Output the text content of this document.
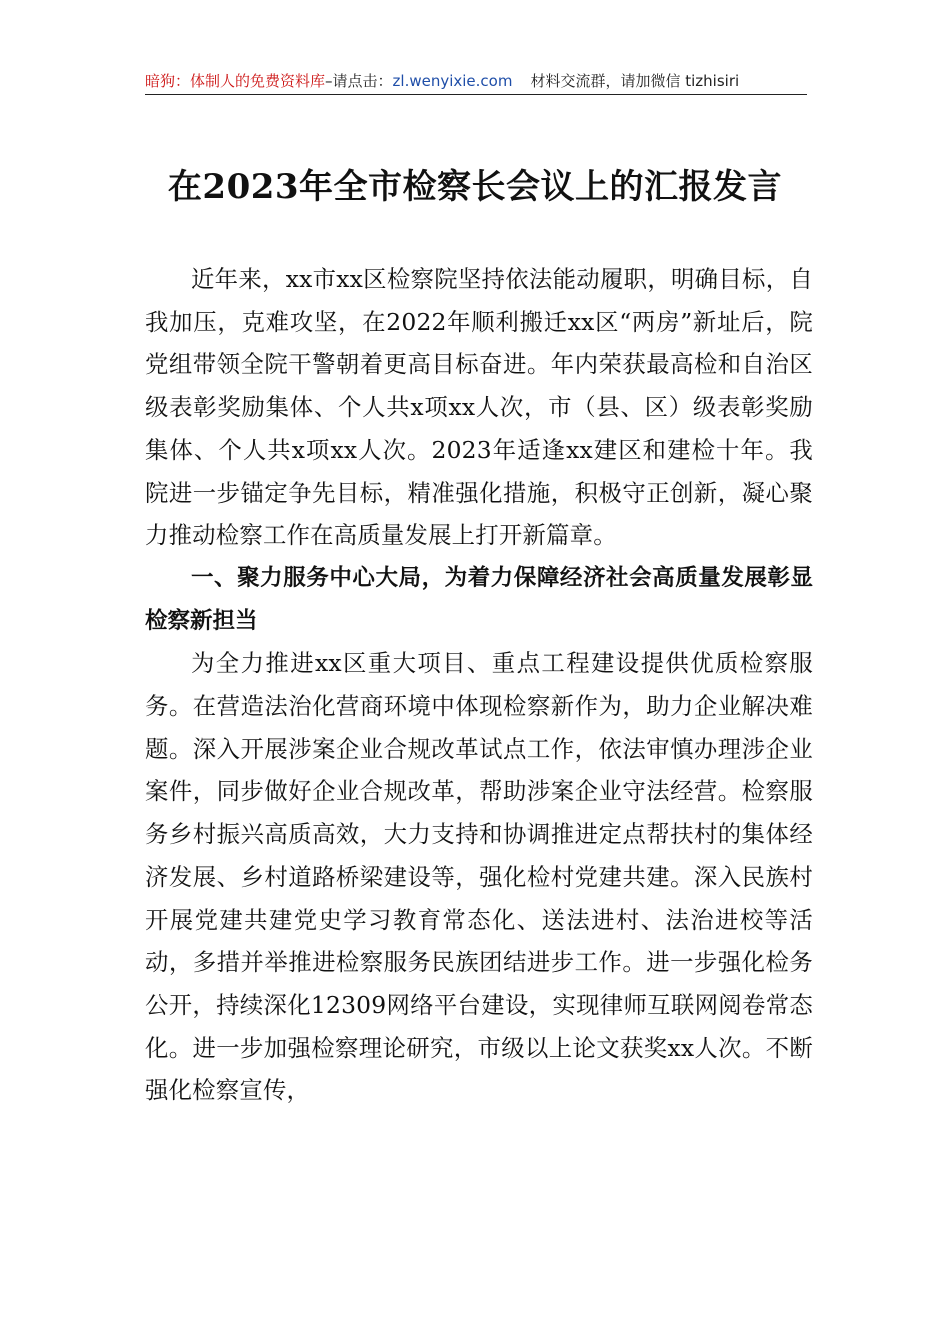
暗狗：体制人的免费资料库–请点击：zl.wenyixie.com 材料交流群，请加微信 tizhisiri
在2023年全市检察长会议上的汇报发言

近年来，xx市xx区检察院坚持依法能动履职，明确目标，自我加压，克难攻坚，在2022年顺利搬迁xx区“两房”新址后，院党组带领全院干警朝着更高目标奋进。年内荣获最高检和自治区级表彰奖励集体、个人共x项xx人次，市（县、区）级表彰奖励集体、个人共x项xx人次。2023年适逢xx建区和建检十年。我院进一步锚定争先目标，精准强化措施，积极守正创新，凝心聚力推动检察工作在高质量发展上打开新篇章。

一、聚力服务中心大局，为着力保障经济社会高质量发展彰显检察新担当

为全力推进xx区重大项目、重点工程建设提供优质检察服务。在营造法治化营商环境中体现检察新作为，助力企业解决难题。深入开展涉案企业合规改革试点工作，依法审慎办理涉企业案件，同步做好企业合规改革，帮助涉案企业守法经营。检察服务乡村振兴高质高效，大力支持和协调推进定点帮扶村的集体经济发展、乡村道路桥梁建设等，强化检村党建共建。深入民族村开展党建共建党史学习教育常态化、送法进村、法治进校等活动，多措并举推进检察服务民族团结进步工作。进一步强化检务公开，持续深化12309网络平台建设，实现律师互联网阅卷常态化。进一步加强检察理论研究，市级以上论文获奖xx人次。不断强化检察宣传，
